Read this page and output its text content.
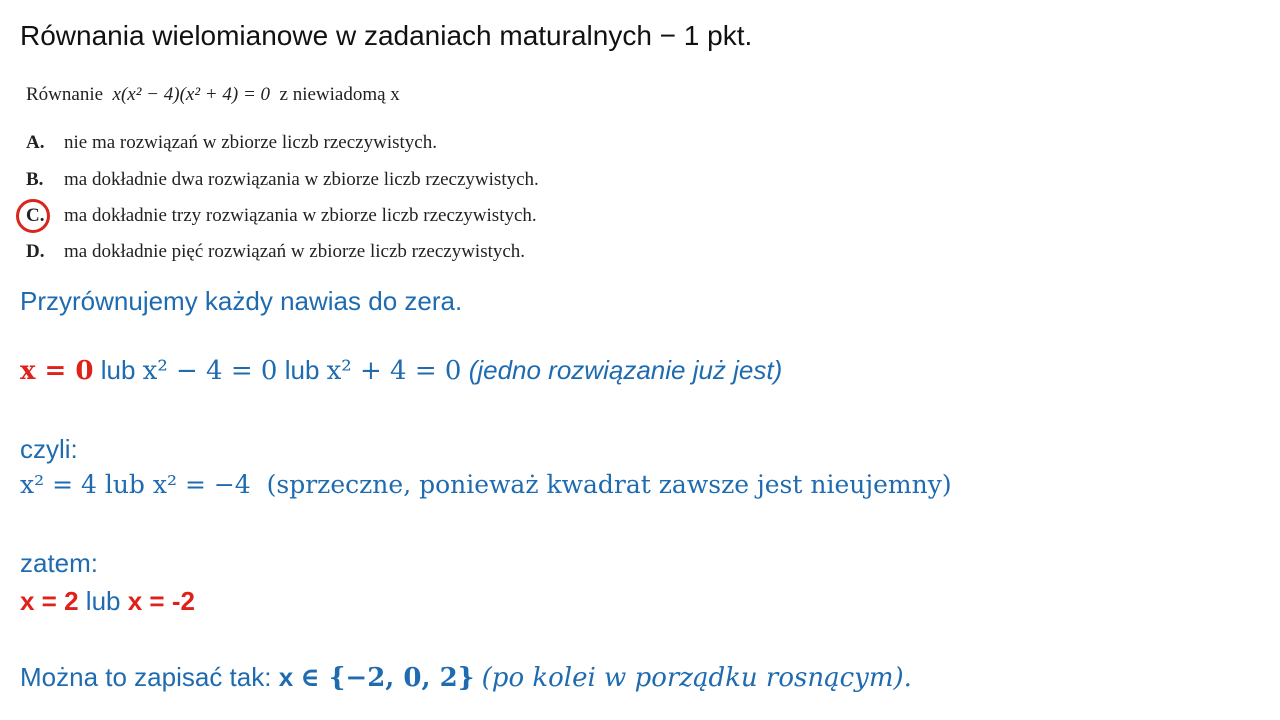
Równania wielomianowe w zadaniach maturalnych − 1 pkt.
Równanie x(x² − 4)(x² + 4) = 0 z niewiadomą x
A. nie ma rozwiązań w zbiorze liczb rzeczywistych.
B. ma dokładnie dwa rozwiązania w zbiorze liczb rzeczywistych.
C. ma dokładnie trzy rozwiązania w zbiorze liczb rzeczywistych.
D. ma dokładnie pięć rozwiązań w zbiorze liczb rzeczywistych.
Przyrównujemy każdy nawias do zera.
x = 0 lub x² − 4 = 0 lub x² + 4 = 0 (jedno rozwiązanie już jest)
czyli:
x² = 4 lub x² = −4 (sprzeczne, ponieważ kwadrat zawsze jest nieujemny)
zatem:
x = 2 lub x = -2
Można to zapisać tak: x ∈ {−2, 0, 2} (po kolei w porządku rosnącym).
